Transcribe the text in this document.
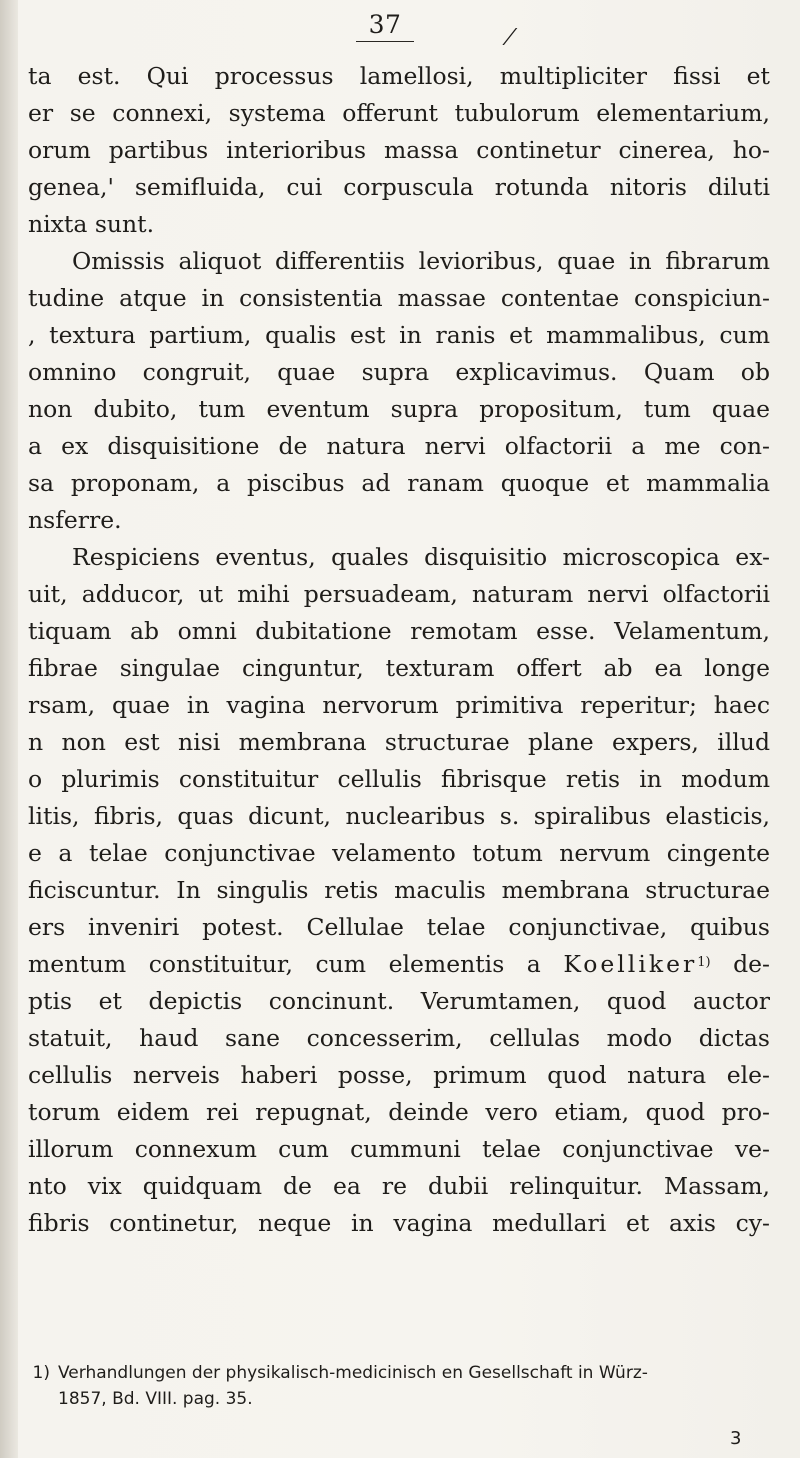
37	⁄
ta est. Qui processus lamellosi, multipliciter fissi et
er se connexi, systema offerunt tubulorum elementarium,
orum partibus interioribus massa continetur cinerea, ho-
genea,' semifluida, cui corpuscula rotunda nitoris diluti
nixta sunt.
Omissis aliquot differentiis levioribus, quae in fibrarum
tudine atque in consistentia massae contentae conspiciun-
, textura partium, qualis est in ranis et mammalibus, cum
omnino congruit, quae supra explicavimus. Quam ob
non dubito, tum eventum supra propositum, tum quae
a ex disquisitione de natura nervi olfactorii a me con-
sa proponam, a piscibus ad ranam quoque et mammalia
nsferre.
Respiciens eventus, quales disquisitio microscopica ex-
uit, adducor, ut mihi persuadeam, naturam nervi olfactorii
tiquam ab omni dubitatione remotam esse. Velamentum,
fibrae singulae cinguntur, texturam offert ab ea longe
rsam, quae in vagina nervorum primitiva reperitur; haec
n non est nisi membrana structurae plane expers, illud
o plurimis constituitur cellulis fibrisque retis in modum
litis, fibris, quas dicunt, nuclearibus s. spiralibus elasticis,
e a telae conjunctivae velamento totum nervum cingente
ficiscuntur. In singulis retis maculis membrana structurae
ers inveniri potest. Cellulae telae conjunctivae, quibus
mentum constituitur, cum elementis a Koelliker$^{1)}$ de-
ptis et depictis concinunt. Verumtamen, quod auctor
statuit, haud sane concesserim, cellulas modo dictas
cellulis nerveis haberi posse, primum quod natura ele-
torum eidem rei repugnat, deinde vero etiam, quod pro-
illorum connexum cum cummuni telae conjunctivae ve-
nto vix quidquam de ea re dubii relinquitur. Massam,
fibris continetur, neque in vagina medullari et axis cy-
1) Verhandlungen der physikalisch-medicinisch en Gesellschaft in Würz-
1857, Bd. VIII. pag. 35.
3
